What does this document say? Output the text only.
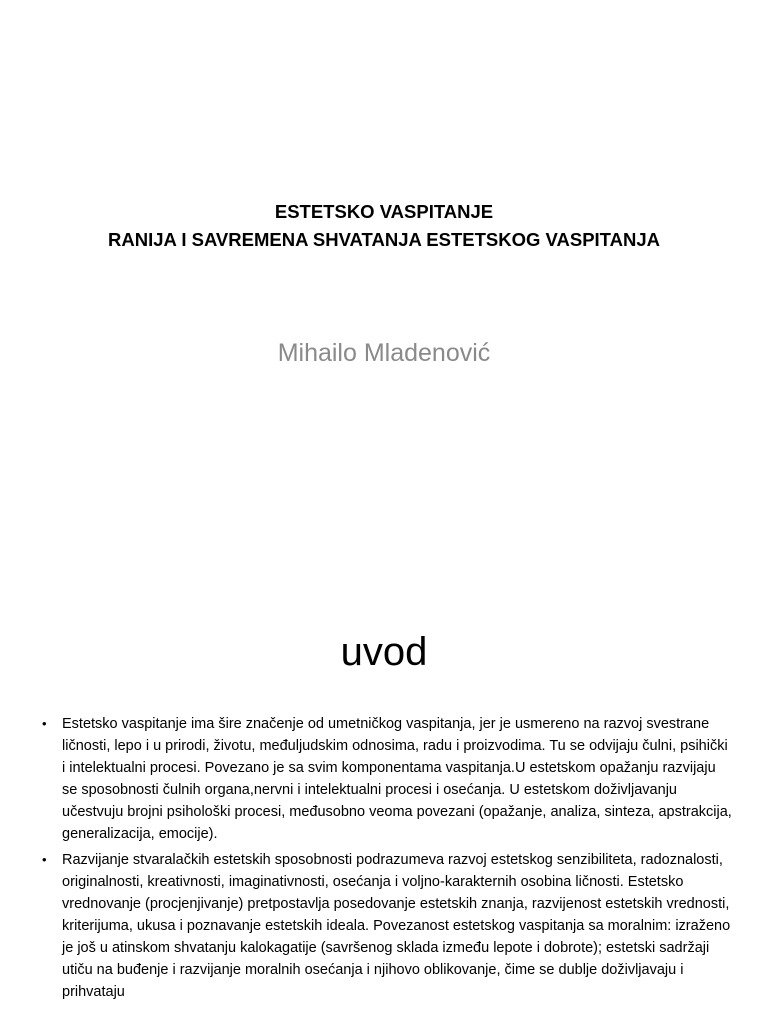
ESTETSKO VASPITANJE
RANIJA I SAVREMENA SHVATANJA ESTETSKOG VASPITANJA
Mihailo Mladenović
uvod
• Estetsko vaspitanje ima šire značenje od umetničkog vaspitanja, jer je usmereno na razvoj svestrane ličnosti, lepo i u prirodi, životu, međuljudskim odnosima, radu i proizvodima. Tu se odvijaju čulni, psihički i intelektualni procesi. Povezano je sa svim komponentama vaspitanja.U estetskom opažanju razvijaju se sposobnosti čulnih organa,nervni i intelektualni procesi i osećanja. U estetskom doživljavanju učestvuju brojni psihološki procesi, međusobno veoma povezani (opažanje, analiza, sinteza, apstrakcija, generalizacija, emocije).
• Razvijanje stvaralačkih estetskih sposobnosti podrazumeva razvoj estetskog senzibiliteta, radoznalosti, originalnosti, kreativnosti, imaginativnosti, osećanja i voljno-karakternih osobina ličnosti. Estetsko vrednovanje (procjenjivanje) pretpostavlja posedovanje estetskih znanja, razvijenost estetskih vrednosti, kriterijuma, ukusa i poznavanje estetskih ideala. Povezanost estetskog vaspitanja sa moralnim: izraženo je još u atinskom shvatanju kalokagatije (savršenog sklada između lepote i dobrote); estetski sadržaji utiču na buđenje i razvijanje moralnih osećanja i njihovo oblikovanje, čime se dublje doživljavaju i prihvataju
